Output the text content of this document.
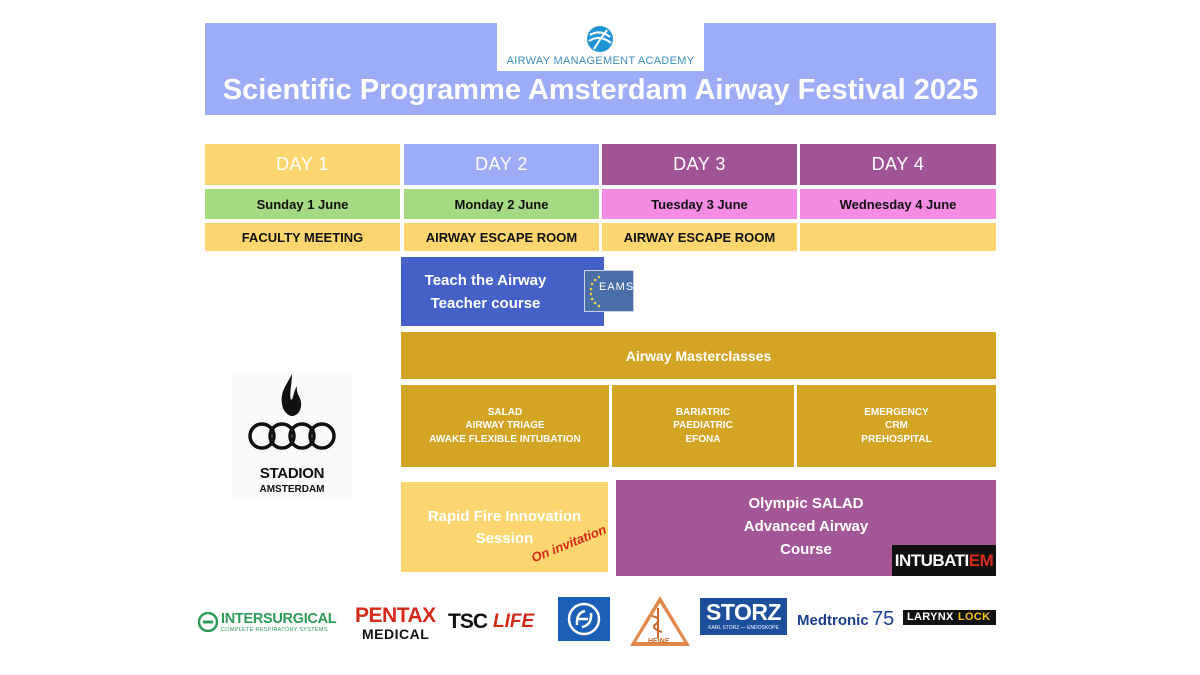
AIRWAY MANAGEMENT ACADEMY
Scientific Programme Amsterdam Airway Festival 2025
DAY 1	DAY 2	DAY 3	DAY 4
Sunday 1 June	Monday 2 June	Tuesday 3 June	Wednesday 4 June
FACULTY MEETING	AIRWAY ESCAPE ROOM	AIRWAY ESCAPE ROOM
Teach the Airway
Teacher course
EAMS
Airway Masterclasses
SALAD
AIRWAY TRIAGE
AWAKE FLEXIBLE INTUBATION
BARIATRIC
PAEDIATRIC
EFONA
EMERGENCY
CRM
PREHOSPITAL
STADION
AMSTERDAM
Rapid Fire Innovation
Session
On invitation
Olympic SALAD
Advanced Airway
Course
INTUBATI EM
INTERSURGICAL
COMPLETE RESPIRATORY SYSTEMS
PENTAX
MEDICAL
TSC LIFE
HEINE
STORZ
KARL STORZ — ENDOSKOPE	Medtronic 75 LARYNX LOCK
